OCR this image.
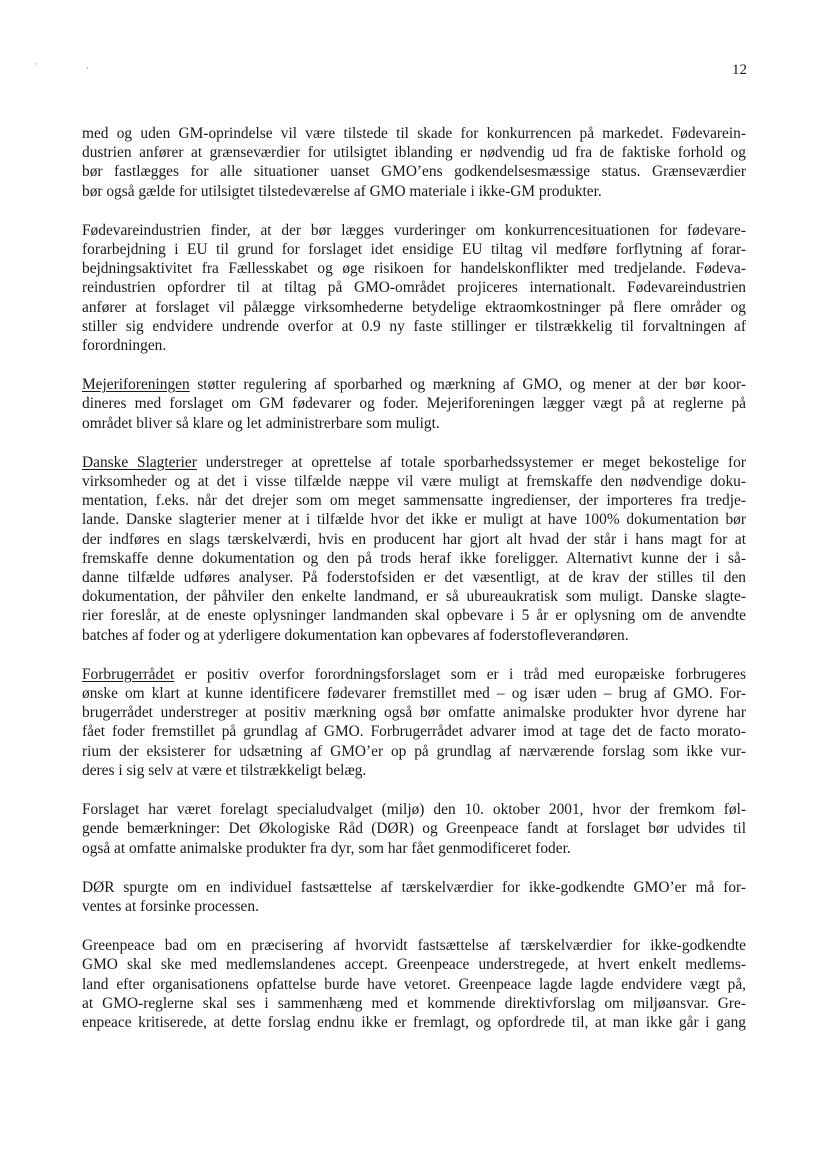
·	·	12

med og uden GM-oprindelse vil være tilstede til skade for konkurrencen på markedet. Fødevarein-
dustrien anfører at grænseværdier for utilsigtet iblanding er nødvendig ud fra de faktiske forhold og
bør fastlægges for alle situationer uanset GMO’ens godkendelsesmæssige status. Grænseværdier
bør også gælde for utilsigtet tilstedeværelse af GMO materiale i ikke-GM produkter.

Fødevareindustrien finder, at der bør lægges vurderinger om konkurrencesituationen for fødevare-
forarbejdning i EU til grund for forslaget idet ensidige EU tiltag vil medføre forflytning af forar-
bejdningsaktivitet fra Fællesskabet og øge risikoen for handelskonflikter med tredjelande. Fødeva-
reindustrien opfordrer til at tiltag på GMO-området projiceres internationalt. Fødevareindustrien
anfører at forslaget vil pålægge virksomhederne betydelige ektraomkostninger på flere områder og
stiller sig endvidere undrende overfor at 0.9 ny faste stillinger er tilstrækkelig til forvaltningen af
forordningen.

Mejeriforeningen støtter regulering af sporbarhed og mærkning af GMO, og mener at der bør koor-
dineres med forslaget om GM fødevarer og foder. Mejeriforeningen lægger vægt på at reglerne på
området bliver så klare og let administrerbare som muligt.

Danske Slagterier understreger at oprettelse af totale sporbarhedssystemer er meget bekostelige for
virksomheder og at det i visse tilfælde næppe vil være muligt at fremskaffe den nødvendige doku-
mentation, f.eks. når det drejer som om meget sammensatte ingredienser, der importeres fra tredje-
lande. Danske slagterier mener at i tilfælde hvor det ikke er muligt at have 100% dokumentation bør
der indføres en slags tærskelværdi, hvis en producent har gjort alt hvad der står i hans magt for at
fremskaffe denne dokumentation og den på trods heraf ikke foreligger. Alternativt kunne der i så-
danne tilfælde udføres analyser. På foderstofsiden er det væsentligt, at de krav der stilles til den
dokumentation, der påhviler den enkelte landmand, er så ubureaukratisk som muligt. Danske slagte-
rier foreslår, at de eneste oplysninger landmanden skal opbevare i 5 år er oplysning om de anvendte
batches af foder og at yderligere dokumentation kan opbevares af foderstofleverandøren.

Forbrugerrådet er positiv overfor forordningsforslaget som er i tråd med europæiske forbrugeres
ønske om klart at kunne identificere fødevarer fremstillet med – og især uden – brug af GMO. For-
brugerrådet understreger at positiv mærkning også bør omfatte animalske produkter hvor dyrene har
fået foder fremstillet på grundlag af GMO. Forbrugerrådet advarer imod at tage det de facto morato-
rium der eksisterer for udsætning af GMO’er op på grundlag af nærværende forslag som ikke vur-
deres i sig selv at være et tilstrækkeligt belæg.

Forslaget har været forelagt specialudvalget (miljø) den 10. oktober 2001, hvor der fremkom føl-
gende bemærkninger: Det Økologiske Råd (DØR) og Greenpeace fandt at forslaget bør udvides til
også at omfatte animalske produkter fra dyr, som har fået genmodificeret foder.

DØR spurgte om en individuel fastsættelse af tærskelværdier for ikke-godkendte GMO’er må for-
ventes at forsinke processen.

Greenpeace bad om en præcisering af hvorvidt fastsættelse af tærskelværdier for ikke-godkendte
GMO skal ske med medlemslandenes accept. Greenpeace understregede, at hvert enkelt medlems-
land efter organisationens opfattelse burde have vetoret. Greenpeace lagde lagde endvidere vægt på,
at GMO-reglerne skal ses i sammenhæng med et kommende direktivforslag om miljøansvar. Gre-
enpeace kritiserede, at dette forslag endnu ikke er fremlagt, og opfordrede til, at man ikke går i gang
